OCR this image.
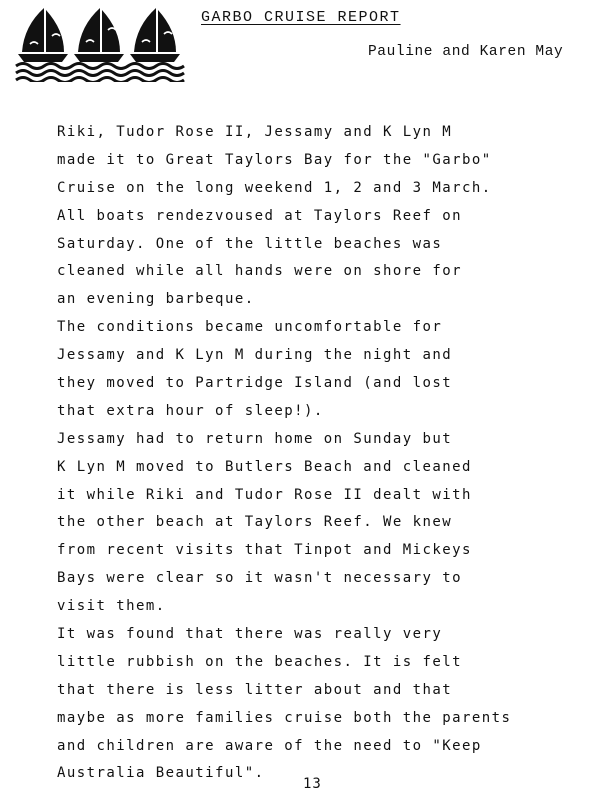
GARBO CRUISE REPORT
Pauline and Karen May
Riki, Tudor Rose II, Jessamy and K Lyn M
made it to Great Taylors Bay for the "Garbo"
Cruise on the long weekend 1, 2 and 3 March.
All boats rendezvoused at Taylors Reef on
Saturday. One of the little beaches was
cleaned while all hands were on shore for
an evening barbeque.
The conditions became uncomfortable for
Jessamy and K Lyn M during the night and
they moved to Partridge Island (and lost
that extra hour of sleep!).
Jessamy had to return home on Sunday but
K Lyn M moved to Butlers Beach and cleaned
it while Riki and Tudor Rose II dealt with
the other beach at Taylors Reef. We knew
from recent visits that Tinpot and Mickeys
Bays were clear so it wasn't necessary to
visit them.
It was found that there was really very
little rubbish on the beaches. It is felt
that there is less litter about and that
maybe as more families cruise both the parents
and children are aware of the need to "Keep
Australia Beautiful".
13
